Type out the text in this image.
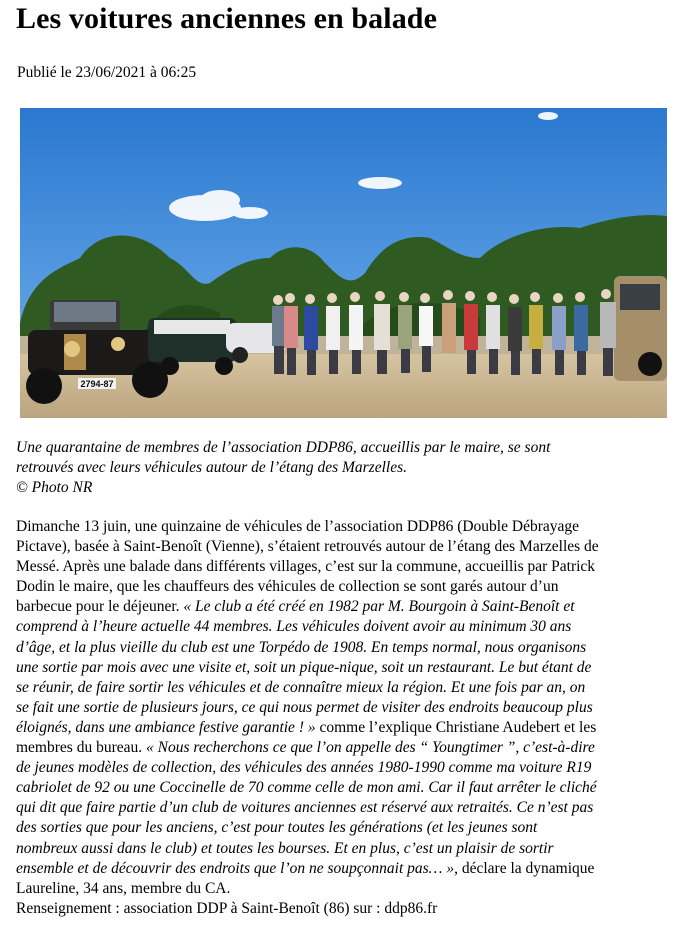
Les voitures anciennes en balade
Publié le 23/06/2021 à 06:25
2794-87
Une quarantaine de membres de l’association DDP86, accueillis par le maire, se sont
retrouvés avec leurs véhicules autour de l’étang des Marzelles.
© Photo NR
Dimanche 13 juin, une quinzaine de véhicules de l’association DDP86 (Double Débrayage
Pictave), basée à Saint-Benoît (Vienne), s’étaient retrouvés autour de l’étang des Marzelles de
Messé. Après une balade dans différents villages, c’est sur la commune, accueillis par Patrick
Dodin le maire, que les chauffeurs des véhicules de collection se sont garés autour d’un
barbecue pour le déjeuner. « Le club a été créé en 1982 par M. Bourgoin à Saint-Benoît et
comprend à l’heure actuelle 44 membres. Les véhicules doivent avoir au minimum 30 ans
d’âge, et la plus vieille du club est une Torpédo de 1908. En temps normal, nous organisons
une sortie par mois avec une visite et, soit un pique-nique, soit un restaurant. Le but étant de
se réunir, de faire sortir les véhicules et de connaître mieux la région. Et une fois par an, on
se fait une sortie de plusieurs jours, ce qui nous permet de visiter des endroits beaucoup plus
éloignés, dans une ambiance festive garantie ! » comme l’explique Christiane Audebert et les
membres du bureau. « Nous recherchons ce que l’on appelle des “ Youngtimer ”, c’est-à-dire
de jeunes modèles de collection, des véhicules des années 1980-1990 comme ma voiture R19
cabriolet de 92 ou une Coccinelle de 70 comme celle de mon ami. Car il faut arrêter le cliché
qui dit que faire partie d’un club de voitures anciennes est réservé aux retraités. Ce n’est pas
des sorties que pour les anciens, c’est pour toutes les générations (et les jeunes sont
nombreux aussi dans le club) et toutes les bourses. Et en plus, c’est un plaisir de sortir
ensemble et de découvrir des endroits que l’on ne soupçonnait pas… », déclare la dynamique
Laureline, 34 ans, membre du CA.
Renseignement : association DDP à Saint-Benoît (86) sur : ddp86.fr
